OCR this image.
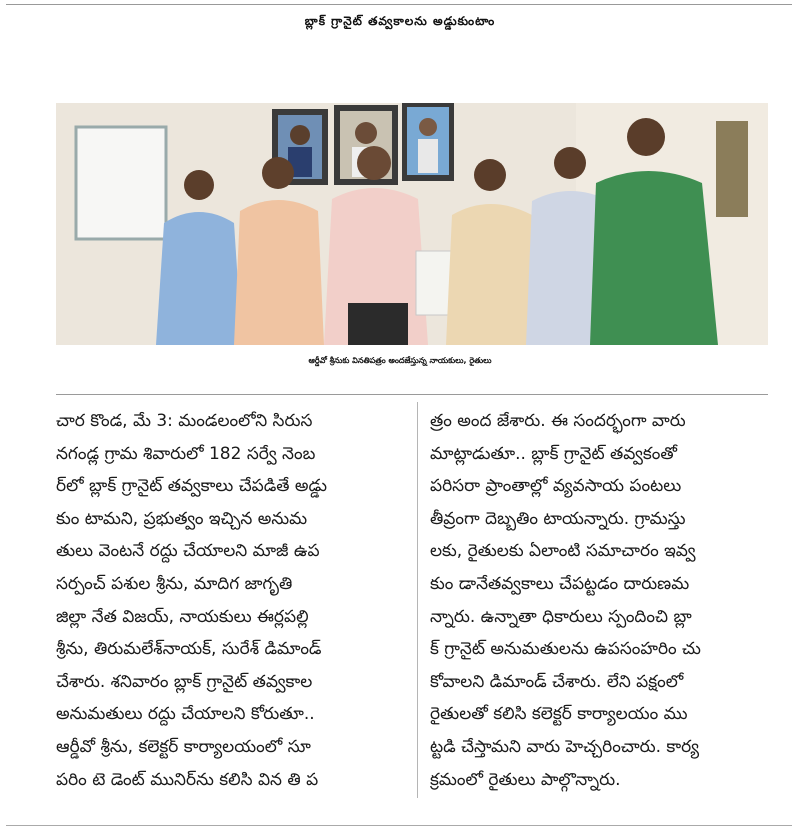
బ్లాక్ గ్రానైట్ తవ్వకాలను అడ్డుకుంటాం
ఆర్డీవో శ్రీనుకు వినతిపత్రం అందజేస్తున్న నాయకులు, రైతులు

చార కొండ, మే 3: మండలంలోని సిరుస

నగండ్ల గ్రామ శివారులో 182 సర్వే నెంబ

ర్‌లో బ్లాక్ గ్రానైట్ తవ్వకాలు చేపడితే అడ్డు

కుం టామని, ప్రభుత్వం ఇచ్చిన అనుమ

తులు వెంటనే రద్దు చేయాలని మాజీ ఉప

సర్పంచ్ పశుల శ్రీను, మాదిగ జాగృతి

జిల్లా నేత విజయ్, నాయకులు ఈర్లపల్లి

శ్రీను, తిరుమలేశ్‌నాయక్, సురేశ్ డిమాండ్

చేశారు. శనివారం బ్లాక్ గ్రానైట్ తవ్వకాల

అనుమతులు రద్దు చేయాలని కోరుతూ..

ఆర్డీవో శ్రీను, కలెక్టర్ కార్యాలయంలో సూ

పరిం టె డెంట్ మునిర్‌ను కలిసి విన తి ప

త్రం అంద జేశారు. ఈ సందర్భంగా వారు

మాట్లాడుతూ.. బ్లాక్ గ్రానైట్ తవ్వకంతో

పరిసరా ప్రాంతాల్లో వ్యవసాయ పంటలు

తీవ్రంగా దెబ్బతిం టాయన్నారు. గ్రామస్తు

లకు, రైతులకు ఏలాంటి సమాచారం ఇవ్వ

కుం డానేతవ్వకాలు చేపట్టడం దారుణమ

న్నారు. ఉన్నాతా ధికారులు స్పందించి బ్లా

క్ గ్రానైట్ అనుమతులను ఉపసంహరిం చు

కోవాలని డిమాండ్ చేశారు. లేని పక్షంలో

రైతులతో కలిసి కలెక్టర్ కార్యాలయం ము

ట్టడి చేస్తామని వారు హెచ్చరించారు. కార్య

క్రమంలో రైతులు పాల్గొన్నారు.
